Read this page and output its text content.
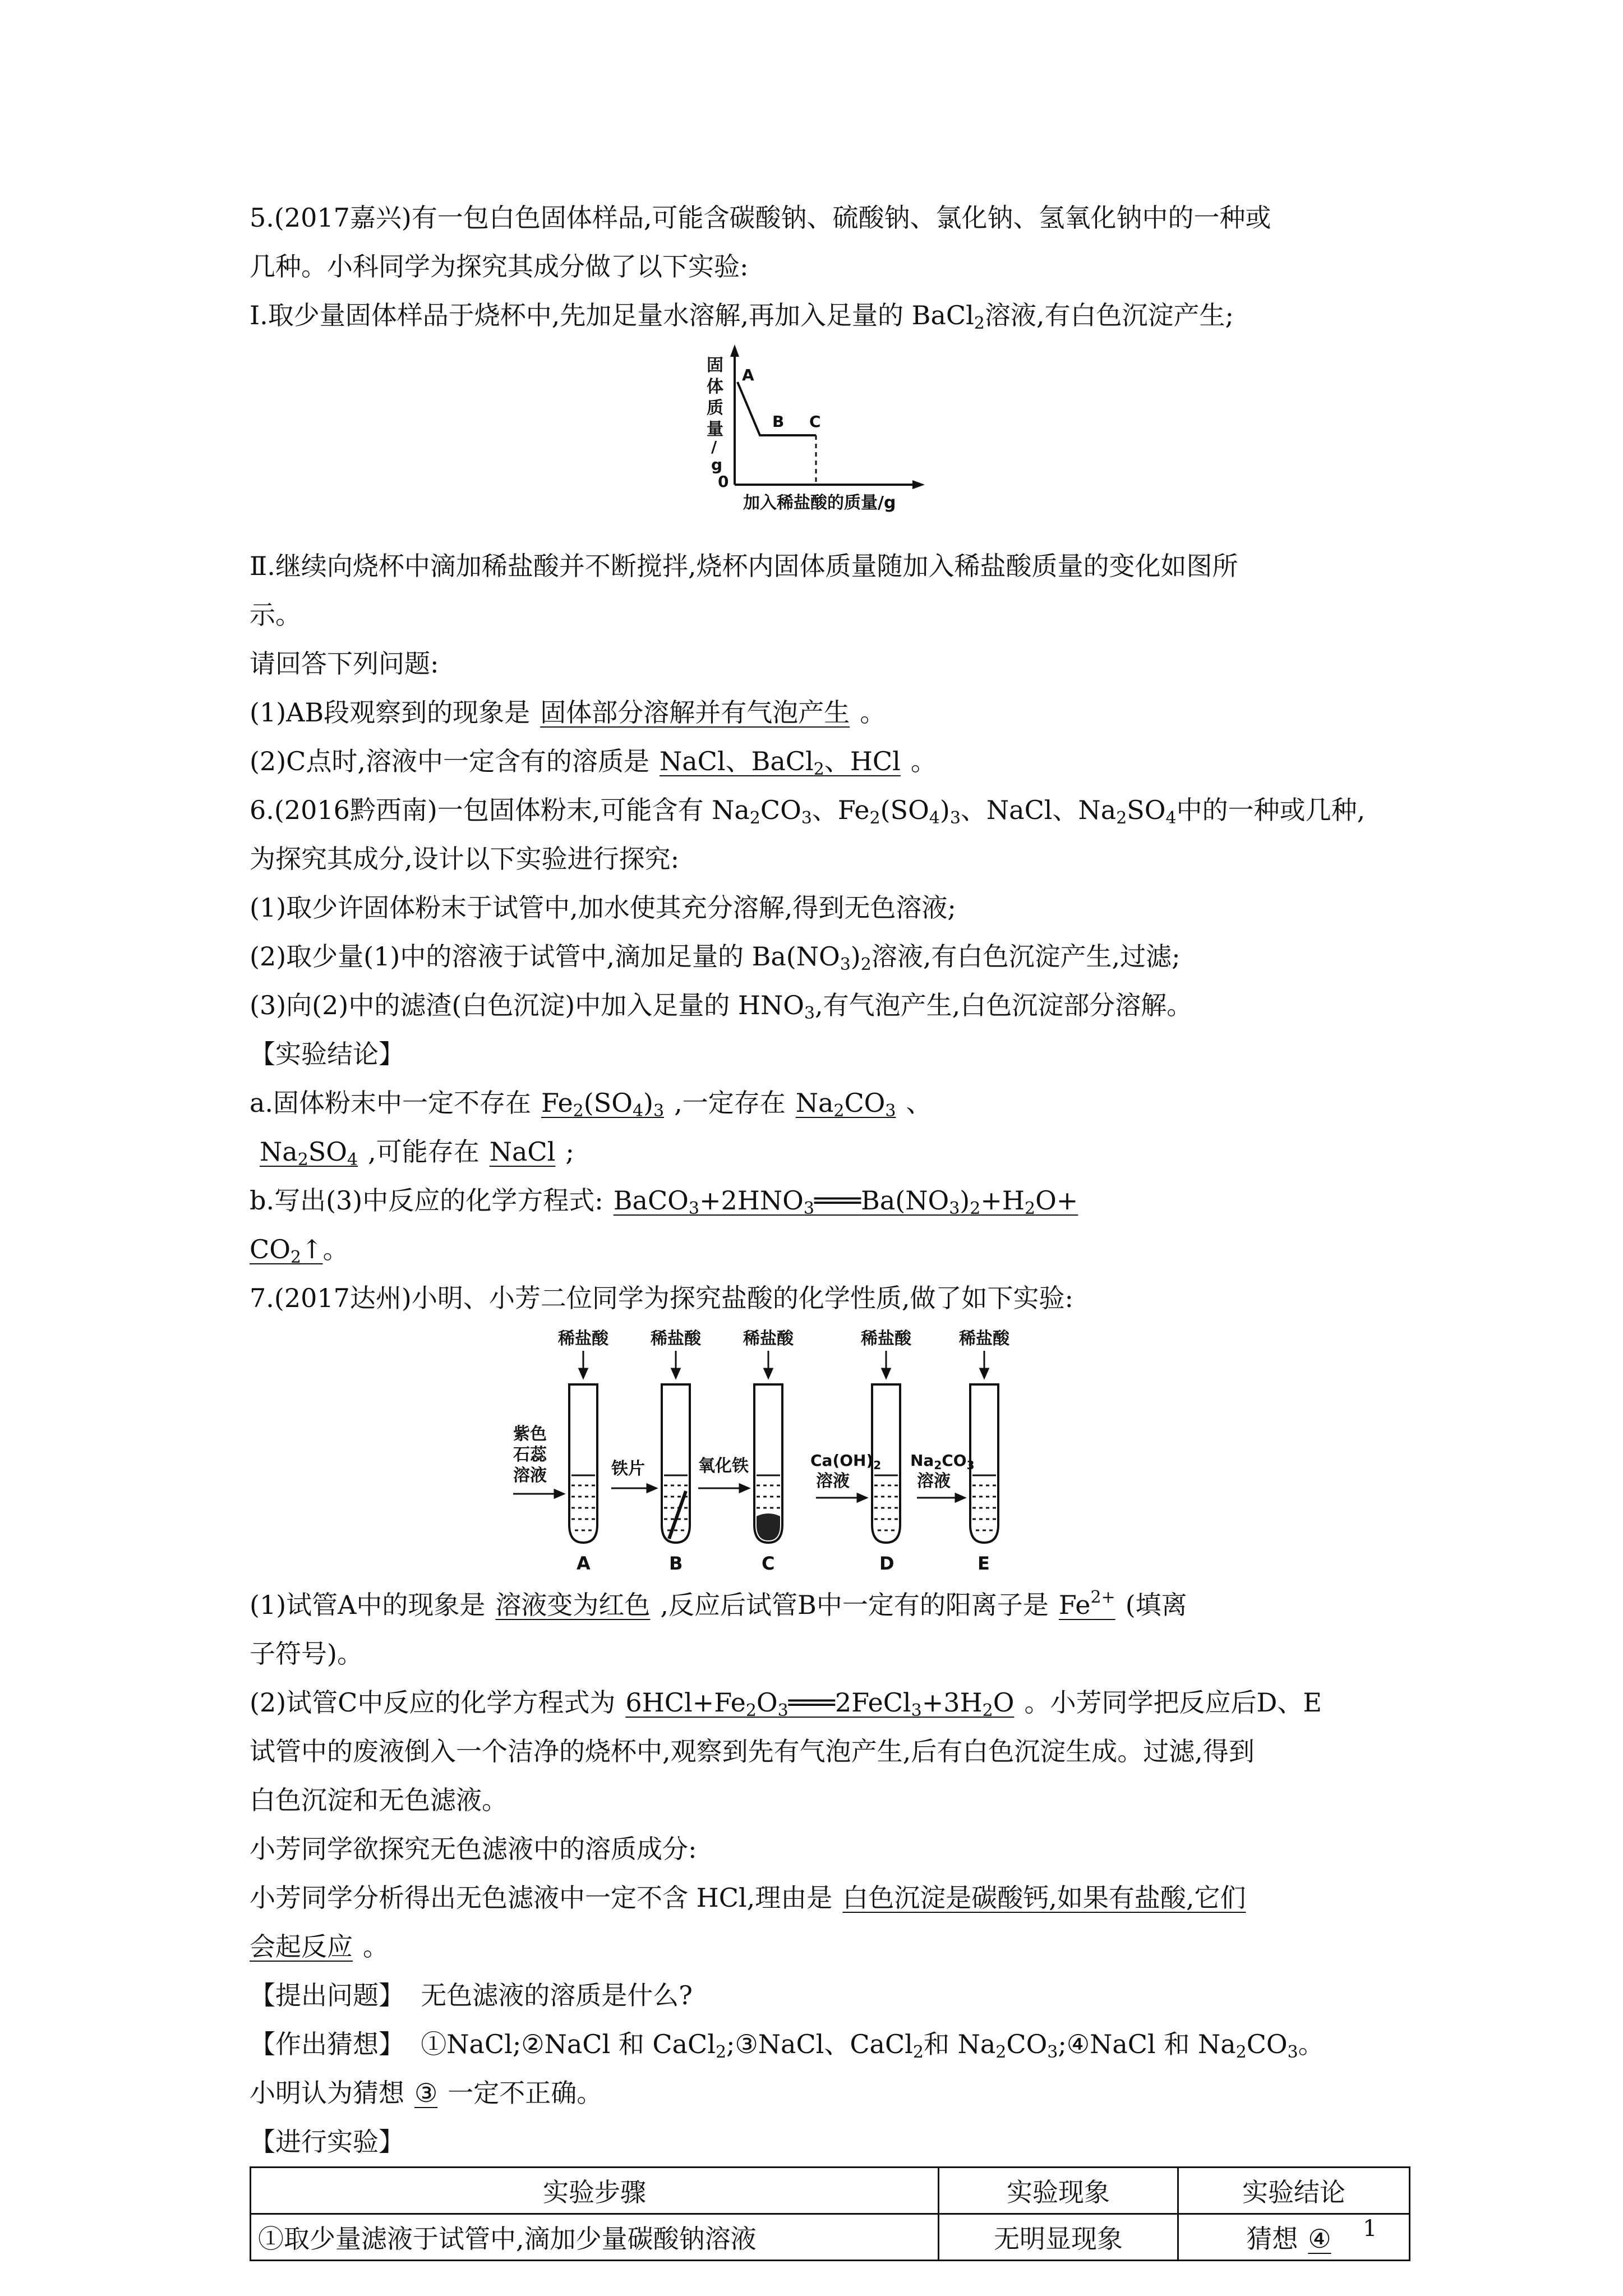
5.(2017嘉兴)有一包白色固体样品,可能含碳酸钠、硫酸钠、氯化钠、氢氧化钠中的一种或
几种。小科同学为探究其成分做了以下实验:
Ⅰ.取少量固体样品于烧杯中,先加足量水溶解,再加入足量的 BaCl$_2$溶液,有白色沉淀产生;
固
体
质
量
/
g
0
A
B C
加入稀盐酸的质量/g
Ⅱ.继续向烧杯中滴加稀盐酸并不断搅拌,烧杯内固体质量随加入稀盐酸质量的变化如图所
示。
请回答下列问题:
(1)AB段观察到的现象是 固体部分溶解并有气泡产生 。
(2)C点时,溶液中一定含有的溶质是 NaCl、BaCl$_2$、HCl 。
6.(2016黔西南)一包固体粉末,可能含有 $Na_2CO_3$、$Fe_2(SO_4)_3$、NaCl、$Na_2SO_4$中的一种或几种,
为探究其成分,设计以下实验进行探究:
(1)取少许固体粉末于试管中,加水使其充分溶解,得到无色溶液;
(2)取少量(1)中的溶液于试管中,滴加足量的 $Ba(NO_3)_2$溶液,有白色沉淀产生,过滤;
(3)向(2)中的滤渣(白色沉淀)中加入足量的 $HNO_3$,有气泡产生,白色沉淀部分溶解。
【实验结论】
a.固体粉末中一定不存在 $Fe_2(SO_4)_3$ ,一定存在 $Na_2CO_3$ 、
$Na_2SO_4$ ,可能存在 NaCl ;
b.写出(3)中反应的化学方程式: $BaCO_3+2HNO_3═══Ba(NO_3)_2+H_2O+$
$CO_2↑$。
7.(2017达州)小明、小芳二位同学为探究盐酸的化学性质,做了如下实验:
稀盐酸	稀盐酸	稀盐酸	稀盐酸	稀盐酸
紫色
石蕊
溶液	铁片	氧化铁	$Ca(OH)_2$
溶液
$Na_2CO_3$
溶液
A	B	C	D	E
(1)试管A中的现象是 溶液变为红色 ,反应后试管B中一定有的阳离子是 $Fe^{2+}$ (填离
子符号)。
(2)试管C中反应的化学方程式为 $6HCl+Fe_2O_3═══2FeCl_3+3H_2O$ 。小芳同学把反应后D、E
试管中的废液倒入一个洁净的烧杯中,观察到先有气泡产生,后有白色沉淀生成。过滤,得到
白色沉淀和无色滤液。
小芳同学欲探究无色滤液中的溶质成分:
小芳同学分析得出无色滤液中一定不含 HCl,理由是 白色沉淀是碳酸钙,如果有盐酸,它们
会起反应 。
【提出问题】 无色滤液的溶质是什么?
【作出猜想】 ①NaCl;②NaCl 和 CaCl$_2$;③NaCl、CaCl$_2$和 $Na_2CO_3;④NaCl$ 和 $Na_2CO_3$。
小明认为猜想 ③ 一定不正确。
【进行实验】
实验步骤	实验现象	实验结论
①取少量滤液于试管中,滴加少量碳酸钠溶液	无明显现象	猜想 ④ 1
